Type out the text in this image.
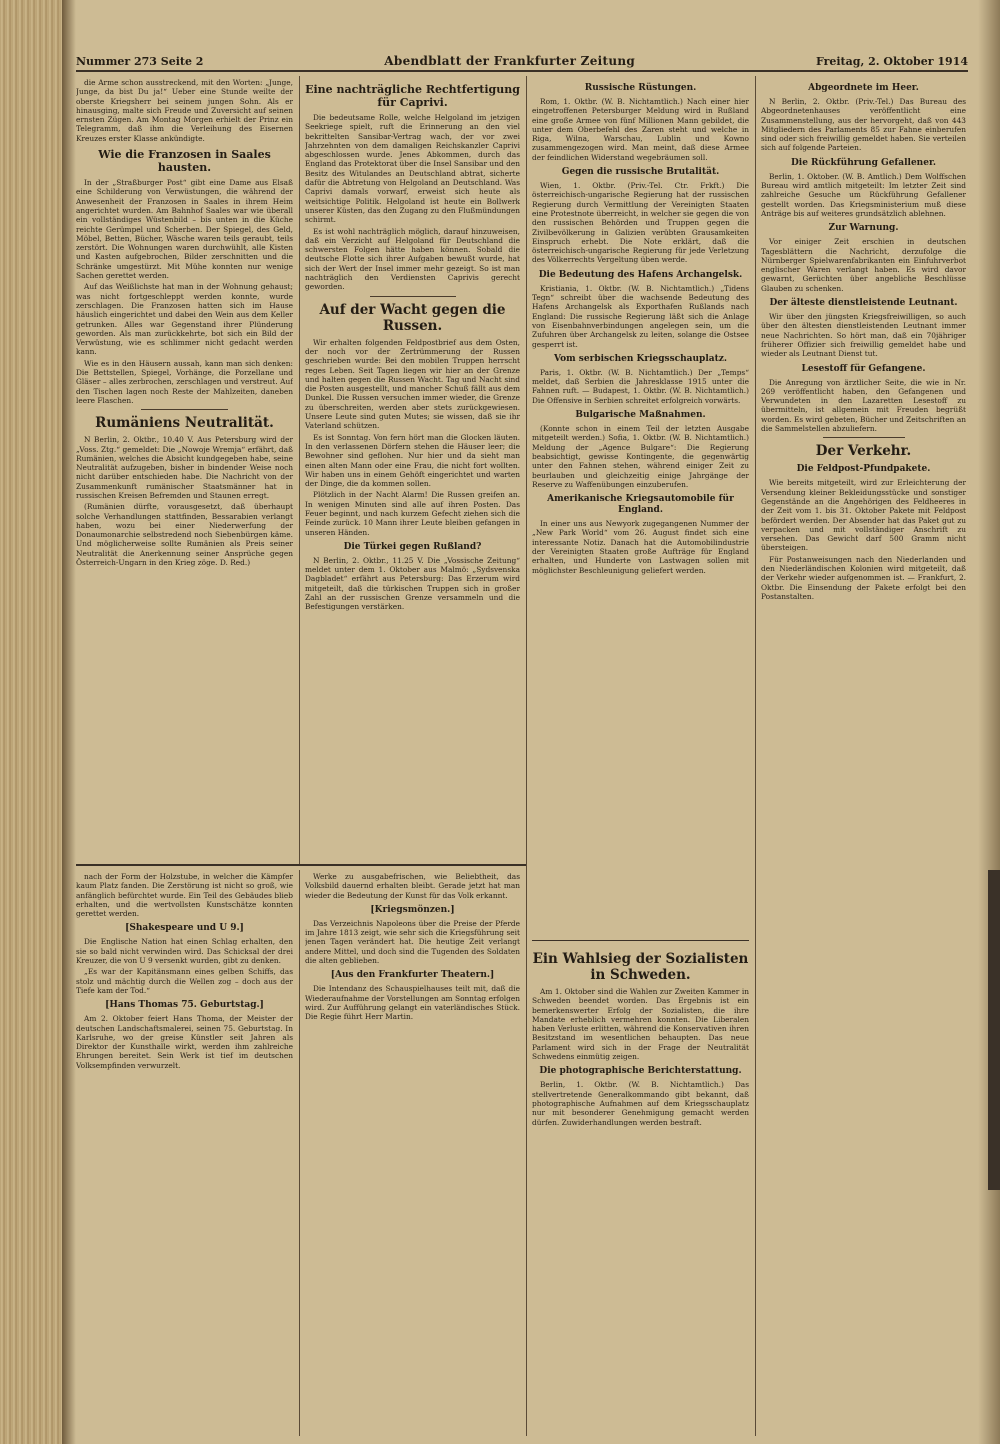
Nummer 273 Seite 2	Abendblatt der Frankfurter Zeitung	Freitag, 2. Oktober 1914

die Arme schon ausstreckend, mit den Worten: „Junge, Junge, da bist Du ja!“ Ueber eine Stunde weilte der oberste Kriegsherr bei seinem jungen Sohn. Als er hinausging, malte sich Freude und Zuversicht auf seinen ernsten Zügen. Am Montag Morgen erhielt der Prinz ein Telegramm, daß ihm die Verleihung des Eisernen Kreuzes erster Klasse ankündigte.

Wie die Franzosen in Saales hausten.

In der „Straßburger Post“ gibt eine Dame aus Elsaß eine Schilderung von Verwüstungen, die während der Anwesenheit der Franzosen in Saales in ihrem Heim angerichtet wurden. Am Bahnhof Saales war wie überall ein vollständiges Wüstenbild – bis unten in die Küche reichte Gerümpel und Scherben. Der Spiegel, des Geld, Möbel, Betten, Bücher, Wäsche waren teils geraubt, teils zerstört. Die Wohnungen waren durchwühlt, alle Kisten und Kasten aufgebrochen, Bilder zerschnitten und die Schränke umgestürzt. Mit Mühe konnten nur wenige Sachen gerettet werden.

Auf das Weißlichste hat man in der Wohnung gehaust; was nicht fortgeschleppt werden konnte, wurde zerschlagen. Die Franzosen hatten sich im Hause häuslich eingerichtet und dabei den Wein aus dem Keller getrunken. Alles war Gegenstand ihrer Plünderung geworden. Als man zurückkehrte, bot sich ein Bild der Verwüstung, wie es schlimmer nicht gedacht werden kann.

Wie es in den Häusern aussah, kann man sich denken: Die Bettstellen, Spiegel, Vorhänge, die Porzellane und Gläser – alles zerbrochen, zerschlagen und verstreut. Auf den Tischen lagen noch Reste der Mahlzeiten, daneben leere Flaschen.

Rumäniens Neutralität.

N Berlin, 2. Oktbr., 10.40 V. Aus Petersburg wird der „Voss. Ztg.“ gemeldet: Die „Nowoje Wremja“ erfährt, daß Rumänien, welches die Absicht kundgegeben habe, seine Neutralität aufzugeben, bisher in bindender Weise noch nicht darüber entschieden habe. Die Nachricht von der Zusammenkunft rumänischer Staatsmänner hat in russischen Kreisen Befremden und Staunen erregt.

(Rumänien dürfte, vorausgesetzt, daß überhaupt solche Verhandlungen stattfinden, Bessarabien verlangt haben, wozu bei einer Niederwerfung der Donaumonarchie selbstredend noch Siebenbürgen käme. Und möglicherweise sollte Rumänien als Preis seiner Neutralität die Anerkennung seiner Ansprüche gegen Österreich-Ungarn in den Krieg zöge. D. Red.)

Eine nachträgliche Rechtfertigung für Caprivi.

Die bedeutsame Rolle, welche Helgoland im jetzigen Seekriege spielt, ruft die Erinnerung an den viel bekrittelten Sansibar-Vertrag wach, der vor zwei Jahrzehnten von dem damaligen Reichskanzler Caprivi abgeschlossen wurde. Jenes Abkommen, durch das England das Protektorat über die Insel Sansibar und den Besitz des Witulandes an Deutschland abtrat, sicherte dafür die Abtretung von Helgoland an Deutschland. Was Caprivi damals vorwarf, erweist sich heute als weitsichtige Politik. Helgoland ist heute ein Bollwerk unserer Küsten, das den Zugang zu den Flußmündungen schirmt.

Es ist wohl nachträglich möglich, darauf hinzuweisen, daß ein Verzicht auf Helgoland für Deutschland die schwersten Folgen hätte haben können. Sobald die deutsche Flotte sich ihrer Aufgaben bewußt wurde, hat sich der Wert der Insel immer mehr gezeigt. So ist man nachträglich den Verdiensten Caprivis gerecht geworden.

Auf der Wacht gegen die Russen.

Wir erhalten folgenden Feldpostbrief aus dem Osten, der noch vor der Zertrümmerung der Russen geschrieben wurde: Bei den mobilen Truppen herrscht reges Leben. Seit Tagen liegen wir hier an der Grenze und halten gegen die Russen Wacht. Tag und Nacht sind die Posten ausgestellt, und mancher Schuß fällt aus dem Dunkel. Die Russen versuchen immer wieder, die Grenze zu überschreiten, werden aber stets zurückgewiesen. Unsere Leute sind guten Mutes; sie wissen, daß sie ihr Vaterland schützen.

Es ist Sonntag. Von fern hört man die Glocken läuten. In den verlassenen Dörfern stehen die Häuser leer; die Bewohner sind geflohen. Nur hier und da sieht man einen alten Mann oder eine Frau, die nicht fort wollten. Wir haben uns in einem Gehöft eingerichtet und warten der Dinge, die da kommen sollen.

Plötzlich in der Nacht Alarm! Die Russen greifen an. In wenigen Minuten sind alle auf ihren Posten. Das Feuer beginnt, und nach kurzem Gefecht ziehen sich die Feinde zurück. 10 Mann ihrer Leute bleiben gefangen in unseren Händen.

Die Türkei gegen Rußland?

N Berlin, 2. Oktbr., 11.25 V. Die „Vossische Zeitung“ meldet unter dem 1. Oktober aus Malmö: „Sydsvenska Dagbladet“ erfährt aus Petersburg: Das Erzerum wird mitgeteilt, daß die türkischen Truppen sich in großer Zahl an der russischen Grenze versammeln und die Befestigungen verstärken.

Russische Rüstungen.

Rom, 1. Oktbr. (W. B. Nichtamtlich.) Nach einer hier eingetroffenen Petersburger Meldung wird in Rußland eine große Armee von fünf Millionen Mann gebildet, die unter dem Oberbefehl des Zaren steht und welche in Riga, Wilna, Warschau, Lublin und Kowno zusammengezogen wird. Man meint, daß diese Armee der feindlichen Widerstand wegebräumen soll.

Gegen die russische Brutalität.

Wien, 1. Oktbr. (Priv.-Tel. Ctr. Frkft.) Die österreichisch-ungarische Regierung hat der russischen Regierung durch Vermittlung der Vereinigten Staaten eine Protestnote überreicht, in welcher sie gegen die von den russischen Behörden und Truppen gegen die Zivilbevölkerung in Galizien verübten Grausamkeiten Einspruch erhebt. Die Note erklärt, daß die österreichisch-ungarische Regierung für jede Verletzung des Völkerrechts Vergeltung üben werde.

Die Bedeutung des Hafens Archangelsk.

Kristiania, 1. Oktbr. (W. B. Nichtamtlich.) „Tidens Tegn“ schreibt über die wachsende Bedeutung des Hafens Archangelsk als Exporthafen Rußlands nach England: Die russische Regierung läßt sich die Anlage von Eisenbahnverbindungen angelegen sein, um die Zufuhren über Archangelsk zu leiten, solange die Ostsee gesperrt ist.

Vom serbischen Kriegsschauplatz.

Paris, 1. Oktbr. (W. B. Nichtamtlich.) Der „Temps“ meldet, daß Serbien die Jahresklasse 1915 unter die Fahnen ruft. — Budapest, 1. Oktbr. (W. B. Nichtamtlich.) Die Offensive in Serbien schreitet erfolgreich vorwärts.

Bulgarische Maßnahmen.

(Konnte schon in einem Teil der letzten Ausgabe mitgeteilt werden.) Sofia, 1. Oktbr. (W. B. Nichtamtlich.) Meldung der „Agence Bulgare“: Die Regierung beabsichtigt, gewisse Kontingente, die gegenwärtig unter den Fahnen stehen, während einiger Zeit zu beurlauben und gleichzeitig einige Jahrgänge der Reserve zu Waffenübungen einzuberufen.

Amerikanische Kriegsautomobile für England.

In einer uns aus Newyork zugegangenen Nummer der „New Park World“ vom 26. August findet sich eine interessante Notiz. Danach hat die Automobilindustrie der Vereinigten Staaten große Aufträge für England erhalten, und Hunderte von Lastwagen sollen mit möglichster Beschleunigung geliefert werden.

Ein Wahlsieg der Sozialisten in Schweden.

Am 1. Oktober sind die Wahlen zur Zweiten Kammer in Schweden beendet worden. Das Ergebnis ist ein bemerkenswerter Erfolg der Sozialisten, die ihre Mandate erheblich vermehren konnten. Die Liberalen haben Verluste erlitten, während die Konservativen ihren Besitzstand im wesentlichen behaupten. Das neue Parlament wird sich in der Frage der Neutralität Schwedens einmütig zeigen.

Die photographische Berichterstattung.

Berlin, 1. Oktbr. (W. B. Nichtamtlich.) Das stellvertretende Generalkommando gibt bekannt, daß photographische Aufnahmen auf dem Kriegsschauplatz nur mit besonderer Genehmigung gemacht werden dürfen. Zuwiderhandlungen werden bestraft.

Abgeordnete im Heer.

N Berlin, 2. Oktbr. (Priv.-Tel.) Das Bureau des Abgeordnetenhauses veröffentlicht eine Zusammenstellung, aus der hervorgeht, daß von 443 Mitgliedern des Parlaments 85 zur Fahne einberufen sind oder sich freiwillig gemeldet haben. Sie verteilen sich auf folgende Parteien.

Die Rückführung Gefallener.

Berlin, 1. Oktober. (W. B. Amtlich.) Dem Wolffschen Bureau wird amtlich mitgeteilt: Im letzter Zeit sind zahlreiche Gesuche um Rückführung Gefallener gestellt worden. Das Kriegsministerium muß diese Anträge bis auf weiteres grundsätzlich ablehnen.

Zur Warnung.

Vor einiger Zeit erschien in deutschen Tagesblättern die Nachricht, derzufolge die Nürnberger Spielwarenfabrikanten ein Einfuhrverbot englischer Waren verlangt haben. Es wird davor gewarnt, Gerüchten über angebliche Beschlüsse Glauben zu schenken.

Der älteste dienstleistende Leutnant.

Wir über den jüngsten Kriegsfreiwilligen, so auch über den ältesten dienstleistenden Leutnant immer neue Nachrichten. So hört man, daß ein 70jähriger früherer Offizier sich freiwillig gemeldet habe und wieder als Leutnant Dienst tut.

Lesestoff für Gefangene.

Die Anregung von ärztlicher Seite, die wie in Nr. 269 veröffentlicht haben, den Gefangenen und Verwundeten in den Lazaretten Lesestoff zu übermitteln, ist allgemein mit Freuden begrüßt worden. Es wird gebeten, Bücher und Zeitschriften an die Sammelstellen abzuliefern.

Der Verkehr.
Die Feldpost-Pfundpakete.

Wie bereits mitgeteilt, wird zur Erleichterung der Versendung kleiner Bekleidungsstücke und sonstiger Gegenstände an die Angehörigen des Feldheeres in der Zeit vom 1. bis 31. Oktober Pakete mit Feldpost befördert werden. Der Absender hat das Paket gut zu verpacken und mit vollständiger Anschrift zu versehen. Das Gewicht darf 500 Gramm nicht übersteigen.

Für Postanweisungen nach den Niederlanden und den Niederländischen Kolonien wird mitgeteilt, daß der Verkehr wieder aufgenommen ist. — Frankfurt, 2. Oktbr. Die Einsendung der Pakete erfolgt bei den Postanstalten.

nach der Form der Holzstube, in welcher die Kämpfer kaum Platz fanden. Die Zerstörung ist nicht so groß, wie anfänglich befürchtet wurde. Ein Teil des Gebäudes blieb erhalten, und die wertvollsten Kunstschätze konnten gerettet werden.

[Shakespeare und U 9.]

Die Englische Nation hat einen Schlag erhalten, den sie so bald nicht verwinden wird. Das Schicksal der drei Kreuzer, die von U 9 versenkt wurden, gibt zu denken.

„Es war der Kapitänsmann eines gelben Schiffs, das stolz und mächtig durch die Wellen zog – doch aus der Tiefe kam der Tod.“

[Hans Thomas 75. Geburtstag.]

Am 2. Oktober feiert Hans Thoma, der Meister der deutschen Landschaftsmalerei, seinen 75. Geburtstag. In Karlsruhe, wo der greise Künstler seit Jahren als Direktor der Kunsthalle wirkt, werden ihm zahlreiche Ehrungen bereitet. Sein Werk ist tief im deutschen Volksempfinden verwurzelt.

Werke zu ausgabefrischen, wie Beliebtheit, das Volksbild dauernd erhalten bleibt. Gerade jetzt hat man wieder die Bedeutung der Kunst für das Volk erkannt.

[Kriegsmönzen.]

Das Verzeichnis Napoleons über die Preise der Pferde im Jahre 1813 zeigt, wie sehr sich die Kriegsführung seit jenen Tagen verändert hat. Die heutige Zeit verlangt andere Mittel, und doch sind die Tugenden des Soldaten die alten geblieben.

[Aus den Frankfurter Theatern.]

Die Intendanz des Schauspielhauses teilt mit, daß die Wiederaufnahme der Vorstellungen am Sonntag erfolgen wird. Zur Aufführung gelangt ein vaterländisches Stück. Die Regie führt Herr Martin.
